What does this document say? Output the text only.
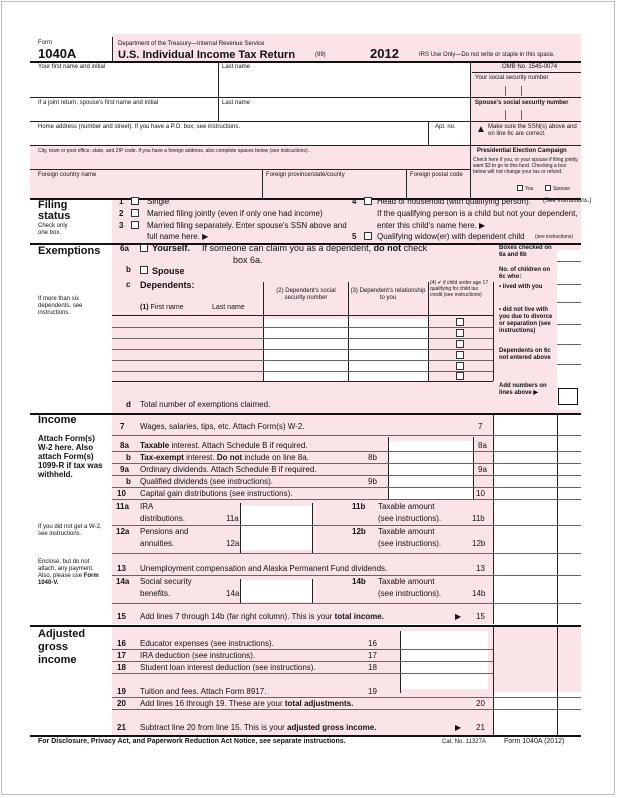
Form
1040A
Department of the Treasury—Internal Revenue Service
U.S. Individual Income Tax Return	(99)	2012	IRS Use Only—Do not write or staple in this space.
Your first name and initial	Last name	OMB No. 1545-0074
Your social security number
If a joint return, spouse's first name and initial	Last name	Spouse's social security number
Home address (number and street). If you have a P.O. box, see instructions.	Apt. no. ▲ Make sure the SSN(s) above and on line 6c are correct.
City, town or post office, state, and ZIP code. If you have a foreign address, also complete spaces below (see instructions).	Presidential Election Campaign
Check here if you, or your spouse if filing jointly, want $3 to go to this fund. Checking a box below will not change your tax or refund.
You	Spouse
Foreign country name	Foreign province/state/county	Foreign postal code
Filing
status
Check only
one box.
1	Single
2	Married filing jointly (even if only one had income)
3	Married filing separately. Enter spouse's SSN above and
full name here. ▶
4	Head of household (with qualifying person). (See instructions.)
If the qualifying person is a child but not your dependent,
enter this child's name here. ▶
5	Qualifying widow(er) with dependent child (see instructions)
Exemptions 6a	Yourself. If someone can claim you as a dependent, do not check
box 6a.
b Spouse
c Dependents:
(1) First name	Last name
(2) Dependent's social security number
(3) Dependent's relationship to you
(4) ✔ if child under age 17 qualifying for child tax credit (see instructions)
If more than six dependents, see instructions.
Boxes checked on 6a and 6b
No. of children on 6c who:
• lived with you
• did not live with you due to divorce or separation (see instructions)
Dependents on 6c not entered above
Add numbers on lines above ▶
d Total number of exemptions claimed.
Income
Attach Form(s) W-2 here. Also attach Form(s) 1099-R if tax was withheld.
If you did not get a W-2, see instructions.
Enclose, but do not attach, any payment. Also, please use Form 1040-V.
7 Wages, salaries, tips, etc. Attach Form(s) W-2.	7
8a Taxable interest. Attach Schedule B if required.	8a
b Tax-exempt interest. Do not include on line 8a.	8b
9a Ordinary dividends. Attach Schedule B if required.	9a
b Qualified dividends (see instructions).	9b
10 Capital gain distributions (see instructions).	10
11a IRA
distributions.	11a
11b Taxable amount
(see instructions).	11b
12a Pensions and
annuities.	12a
12b Taxable amount
(see instructions).	12b
13 Unemployment compensation and Alaska Permanent Fund dividends.	13
14a Social security
benefits.	14a
14b Taxable amount
(see instructions).	14b
15 Add lines 7 through 14b (far right column). This is your total income.	▶ 15
Adjusted
gross
income
16 Educator expenses (see instructions).	16
17 IRA deduction (see instructions).	17
18 Student loan interest deduction (see instructions).	18
19 Tuition and fees. Attach Form 8917.	19
20 Add lines 16 through 19. These are your total adjustments.	20
21 Subtract line 20 from line 15. This is your adjusted gross income.	▶ 21
For Disclosure, Privacy Act, and Paperwork Reduction Act Notice, see separate instructions.	Cat. No. 11327A	Form 1040A (2012)
